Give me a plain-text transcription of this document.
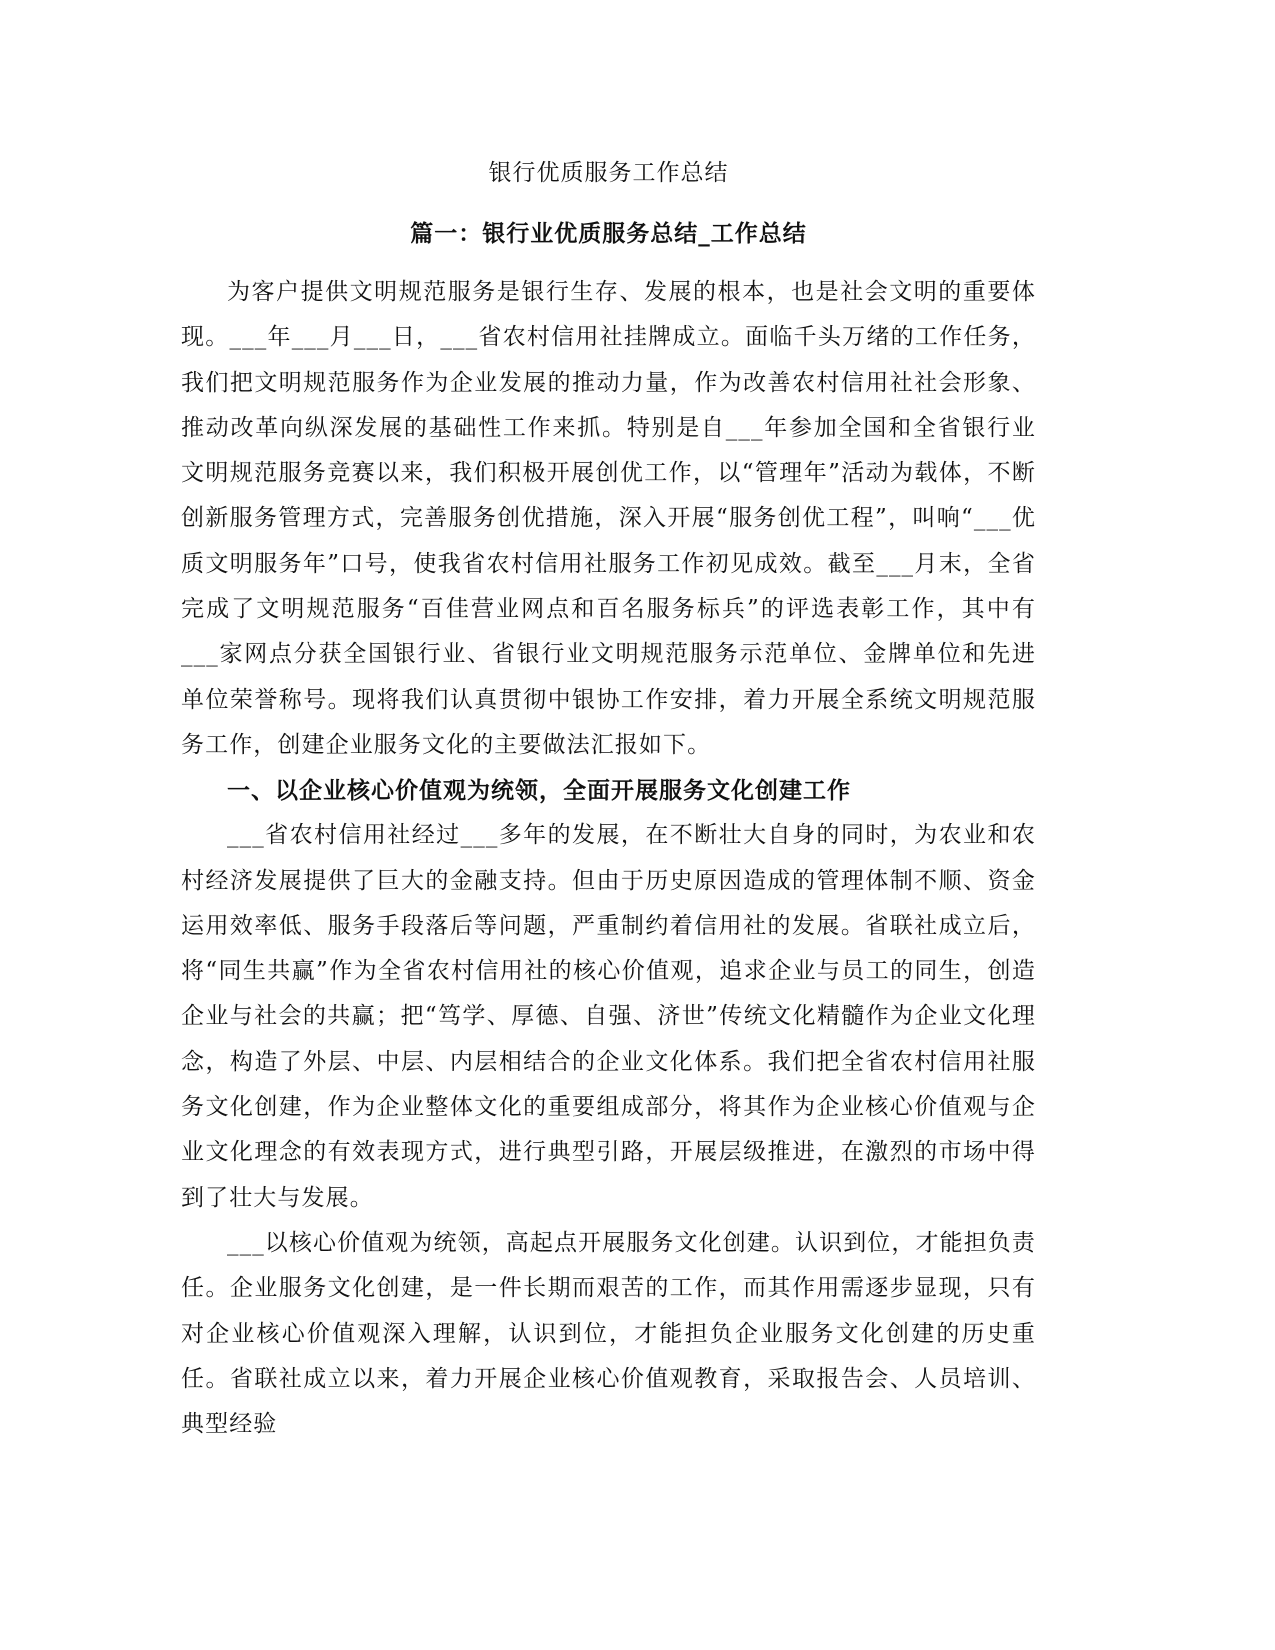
银行优质服务工作总结
篇一：银行业优质服务总结_工作总结

为客户提供文明规范服务是银行生存、发展的根本，也是社会文明的重要体现。___年___月___日，___省农村信用社挂牌成立。面临千头万绪的工作任务，我们把文明规范服务作为企业发展的推动力量，作为改善农村信用社社会形象、推动改革向纵深发展的基础性工作来抓。特别是自___年参加全国和全省银行业文明规范服务竞赛以来，我们积极开展创优工作，以“管理年”活动为载体，不断创新服务管理方式，完善服务创优措施，深入开展“服务创优工程”，叫响“___优质文明服务年”口号，使我省农村信用社服务工作初见成效。截至___月末，全省完成了文明规范服务“百佳营业网点和百名服务标兵”的评选表彰工作，其中有___家网点分获全国银行业、省银行业文明规范服务示范单位、金牌单位和先进单位荣誉称号。现将我们认真贯彻中银协工作安排，着力开展全系统文明规范服务工作，创建企业服务文化的主要做法汇报如下。

一、以企业核心价值观为统领，全面开展服务文化创建工作

___省农村信用社经过___多年的发展，在不断壮大自身的同时，为农业和农村经济发展提供了巨大的金融支持。但由于历史原因造成的管理体制不顺、资金运用效率低、服务手段落后等问题，严重制约着信用社的发展。省联社成立后，将“同生共赢”作为全省农村信用社的核心价值观，追求企业与员工的同生，创造企业与社会的共赢；把“笃学、厚德、自强、济世”传统文化精髓作为企业文化理念，构造了外层、中层、内层相结合的企业文化体系。我们把全省农村信用社服务文化创建，作为企业整体文化的重要组成部分，将其作为企业核心价值观与企业文化理念的有效表现方式，进行典型引路，开展层级推进，在激烈的市场中得到了壮大与发展。

___以核心价值观为统领，高起点开展服务文化创建。认识到位，才能担负责任。企业服务文化创建，是一件长期而艰苦的工作，而其作用需逐步显现，只有对企业核心价值观深入理解，认识到位，才能担负企业服务文化创建的历史重任。省联社成立以来，着力开展企业核心价值观教育，采取报告会、人员培训、典型经验
